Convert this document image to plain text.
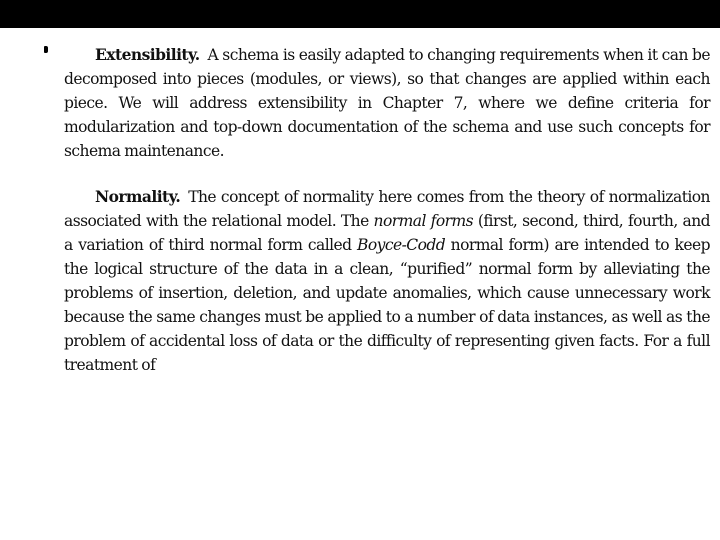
Extensibility. A schema is easily adapted to changing requirements when it can be decomposed into pieces (modules, or views), so that changes are applied within each piece. We will address extensibility in Chapter 7, where we define criteria for modularization and top-down documentation of the schema and use such concepts for schema maintenance.

Normality. The concept of normality here comes from the theory of normalization associated with the relational model. The normal forms (first, second, third, fourth, and a variation of third normal form called Boyce-Codd normal form) are intended to keep the logical structure of the data in a clean, “purified” normal form by alleviating the problems of insertion, deletion, and update anomalies, which cause unnecessary work because the same changes must be applied to a number of data instances, as well as the problem of accidental loss of data or the difficulty of representing given facts. For a full treatment of
